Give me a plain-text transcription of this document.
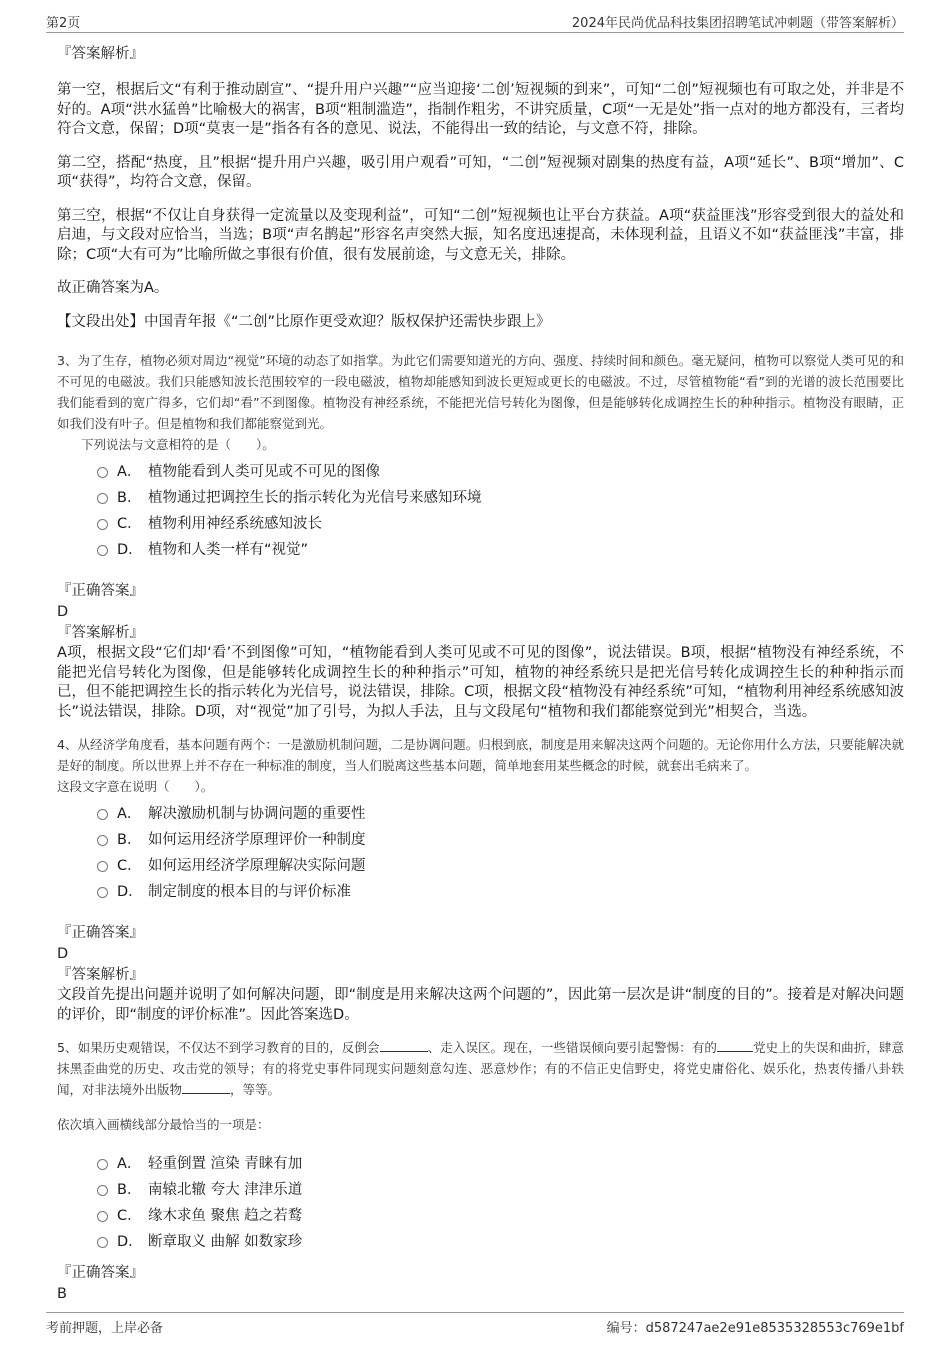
第2页	2024年民尚优品科技集团招聘笔试冲刺题（带答案解析）
『答案解析』

第一空，根据后文“有利于推动剧宣”、“提升用户兴趣”“应当迎接‘二创’短视频的到来”，可知“二创”短视频也有可取之处，并非是不好的。A项“洪水猛兽”比喻极大的祸害，B项“粗制滥造”，指制作粗劣，不讲究质量，C项“一无是处”指一点对的地方都没有，三者均符合文意，保留；D项“莫衷一是”指各有各的意见、说法，不能得出一致的结论，与文意不符，排除。

第二空，搭配“热度，且”根据“提升用户兴趣，吸引用户观看”可知，“二创”短视频对剧集的热度有益，A项“延长”、B项“增加”、C项“获得”，均符合文意，保留。

第三空，根据“不仅让自身获得一定流量以及变现利益”，可知“二创”短视频也让平台方获益。A项“获益匪浅”形容受到很大的益处和启迪，与文段对应恰当，当选；B项“声名鹊起”形容名声突然大振，知名度迅速提高，未体现利益，且语义不如“获益匪浅”丰富，排除；C项“大有可为”比喻所做之事很有价值，很有发展前途，与文意无关，排除。

故正确答案为A。

【文段出处】中国青年报《“二创”比原作更受欢迎？版权保护还需快步跟上》

3、为了生存，植物必须对周边“视觉”环境的动态了如指掌。为此它们需要知道光的方向、强度、持续时间和颜色。毫无疑问，植物可以察觉人类可见的和不可见的电磁波。我们只能感知波长范围较窄的一段电磁波，植物却能感知到波长更短或更长的电磁波。不过，尽管植物能“看”到的光谱的波长范围要比我们能看到的宽广得多，它们却“看”不到图像。植物没有神经系统，不能把光信号转化为图像，但是能够转化成调控生长的种种指示。植物没有眼睛，正如我们没有叶子。但是植物和我们都能察觉到光。

下列说法与文意相符的是（　　）。
A． 植物能看到人类可见或不可见的图像
B． 植物通过把调控生长的指示转化为光信号来感知环境
C． 植物利用神经系统感知波长
D． 植物和人类一样有“视觉”
『正确答案』
D
『答案解析』

A项，根据文段“它们却‘看’不到图像”可知，“植物能看到人类可见或不可见的图像”，说法错误。B项，根据“植物没有神经系统，不能把光信号转化为图像，但是能够转化成调控生长的种种指示”可知，植物的神经系统只是把光信号转化成调控生长的种种指示而已，但不能把调控生长的指示转化为光信号，说法错误，排除。C项，根据文段“植物没有神经系统”可知，“植物利用神经系统感知波长”说法错误，排除。D项，对“视觉”加了引号，为拟人手法，且与文段尾句“植物和我们都能察觉到光”相契合，当选。

4、从经济学角度看，基本问题有两个：一是激励机制问题，二是协调问题。归根到底，制度是用来解决这两个问题的。无论你用什么方法，只要能解决就是好的制度。所以世界上并不存在一种标准的制度，当人们脱离这些基本问题，简单地套用某些概念的时候，就套出毛病来了。

这段文字意在说明（　　）。
A． 解决激励机制与协调问题的重要性
B． 如何运用经济学原理评价一种制度
C． 如何运用经济学原理解决实际问题
D． 制定制度的根本目的与评价标准
『正确答案』
D
『答案解析』

文段首先提出问题并说明了如何解决问题，即“制度是用来解决这两个问题的”，因此第一层次是讲“制度的目的”。接着是对解决问题的评价，即“制度的评价标准”。因此答案选D。

5、如果历史观错误，不仅达不到学习教育的目的，反倒会	、走入误区。现在，一些错误倾向要引起警惕：有的	党史上的失误和曲折，肆意抹黑歪曲党的历史、攻击党的领导；有的将党史事件同现实问题刻意勾连、恶意炒作；有的不信正史信野史，将党史庸俗化、娱乐化，热衷传播八卦轶闻，对非法境外出版物	，等等。

依次填入画横线部分最恰当的一项是：
A． 轻重倒置 渲染 青睐有加
B． 南辕北辙 夸大 津津乐道
C． 缘木求鱼 聚焦 趋之若鹜
D． 断章取义 曲解 如数家珍
『正确答案』
B
考前押题，上岸必备	编号：d587247ae2e91e8535328553c769e1bf
